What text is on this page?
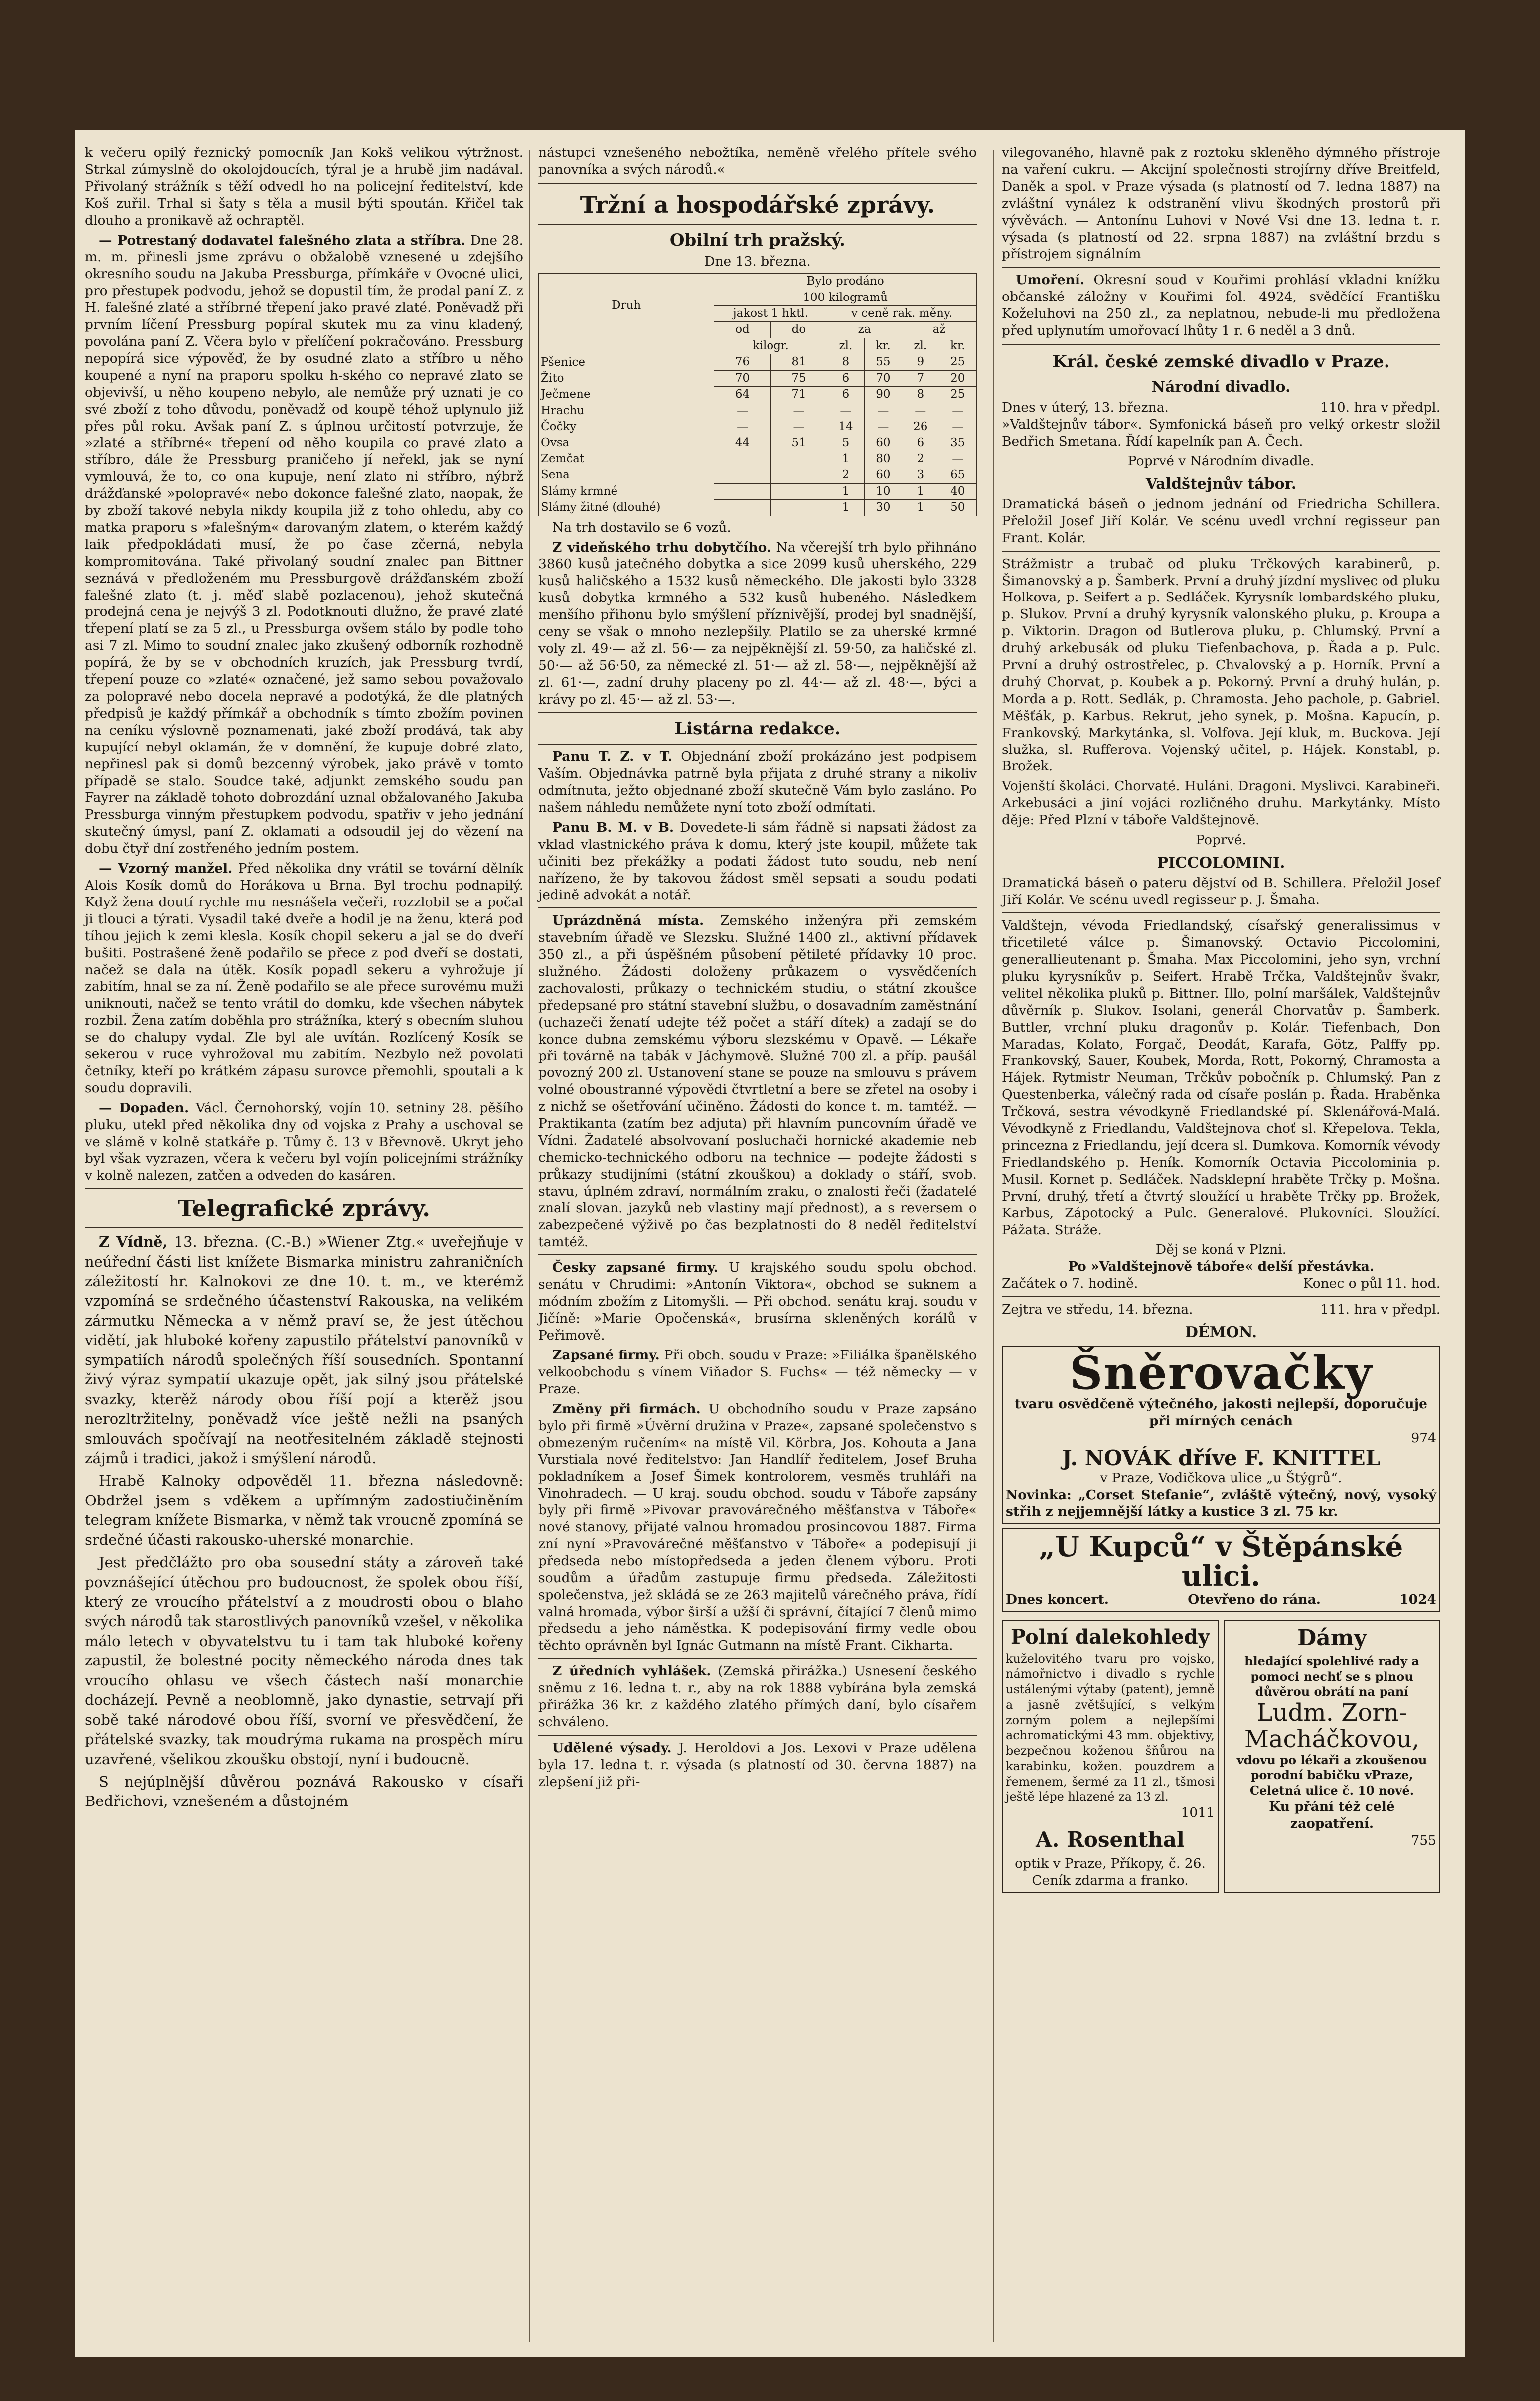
k večeru opilý řeznický pomocník Jan Kokš velikou výtržnost. Strkal zúmyslně do okolojdoucích, týral je a hrubě jim nadával. Přivolaný strážník s těží odvedl ho na policejní ředitelství, kde Koš zuřil. Trhal si šaty s těla a musil býti spoután. Křičel tak dlouho a pronikavě až ochraptěl.

— Potrestaný dodavatel falešného zlata a stříbra. Dne 28. m. m. přinesli jsme zprávu o obžalobě vznesené u zdejšího okresního soudu na Jakuba Pressburga, přímkáře v Ovocné ulici, pro přestupek podvodu, jehož se dopustil tím, že prodal paní Z. z H. falešné zlaté a stříbrné třepení jako pravé zlaté. Poněvadž při prvním líčení Pressburg popíral skutek mu za vinu kladený, povolána paní Z. Včera bylo v přelíčení pokračováno. Pressburg nepopírá sice výpověď, že by osudné zlato a stříbro u něho koupené a nyní na praporu spolku h-ského co nepravé zlato se objevivší, u něho koupeno nebylo, ale nemůže prý uznati je co své zboží z toho důvodu, poněvadž od koupě téhož uplynulo již přes půl roku. Avšak paní Z. s úplnou určitostí potvrzuje, že »zlaté a stříbrné« třepení od něho koupila co pravé zlato a stříbro, dále že Pressburg praničeho jí neřekl, jak se nyní vymlouvá, že to, co ona kupuje, není zlato ni stříbro, nýbrž drážďanské »polopravé« nebo dokonce falešné zlato, naopak, že by zboží takové nebyla nikdy koupila již z toho ohledu, aby co matka praporu s »falešným« darovaným zlatem, o kterém každý laik předpokládati musí, že po čase zčerná, nebyla kompromitována. Také přivolaný soudní znalec pan Bittner seznává v předloženém mu Pressburgově drážďanském zboží falešné zlato (t. j. měď slabě pozlacenou), jehož skutečná prodejná cena je nejvýš 3 zl. Podotknouti dlužno, že pravé zlaté třepení platí se za 5 zl., u Pressburga ovšem stálo by podle toho asi 7 zl. Mimo to soudní znalec jako zkušený odborník rozhodně popírá, že by se v obchodních kruzích, jak Pressburg tvrdí, třepení pouze co »zlaté« označené, jež samo sebou považovalo za polopravé nebo docela nepravé a podotýká, že dle platných předpisů je každý přímkář a obchodník s tímto zbožím povinen na ceníku výslovně poznamenati, jaké zboží prodává, tak aby kupující nebyl oklamán, že v domnění, že kupuje dobré zlato, nepřinesl pak si domů bezcenný výrobek, jako právě v tomto případě se stalo. Soudce také, adjunkt zemského soudu pan Fayrer na základě tohoto dobrozdání uznal obžalovaného Jakuba Pressburga vinným přestupkem podvodu, spatřiv v jeho jednání skutečný úmysl, paní Z. oklamati a odsoudil jej do vězení na dobu čtyř dní zostřeného jedním postem.

— Vzorný manžel. Před několika dny vrátil se tovární dělník Alois Kosík domů do Horákova u Brna. Byl trochu podnapilý. Když žena doutí rychle mu nesnášela večeři, rozzlobil se a počal ji tlouci a týrati. Vysadil také dveře a hodil je na ženu, která pod tíhou jejich k zemi klesla. Kosík chopil sekeru a jal se do dveří bušiti. Postrašené ženě podařilo se přece z pod dveří se dostati, načež se dala na útěk. Kosík popadl sekeru a vyhrožuje jí zabitím, hnal se za ní. Ženě podařilo se ale přece surovému muži uniknouti, načež se tento vrátil do domku, kde všechen nábytek rozbil. Žena zatím doběhla pro strážníka, který s obecním sluhou se do chalupy vydal. Zle byl ale uvítán. Rozlícený Kosík se sekerou v ruce vyhrožoval mu zabitím. Nezbylo než povolati četníky, kteří po krátkém zápasu surovce přemohli, spoutali a k soudu dopravili.

— Dopaden. Václ. Černohorský, vojín 10. setniny 28. pěšího pluku, utekl před několika dny od vojska z Prahy a uschoval se ve slámě v kolně statkáře p. Tůmy č. 13 v Břevnově. Ukryt jeho byl však vyzrazen, včera k večeru byl vojín policejními strážníky v kolně nalezen, zatčen a odveden do kasáren.

Telegrafické zprávy.

Z Vídně, 13. března. (C.-B.) »Wiener Ztg.« uveřejňuje v neúřední části list knížete Bismarka ministru zahraničních záležitostí hr. Kalnokovi ze dne 10. t. m., ve kterémž vzpomíná se srdečného účastenství Rakouska, na velikém zármutku Německa a v němž praví se, že jest útěchou vidětí, jak hluboké kořeny zapustilo přátelství panovníků v sympatiích národů společných říší sousedních. Spontanní živý výraz sympatií ukazuje opět, jak silný jsou přátelské svazky, kterěž národy obou říší pojí a kterěž jsou nerozltržitelny, poněvadž více ještě nežli na psaných smlouvách spočívají na neotřesitelném základě stejnosti zájmů i tradici, jakož i smýšlení národů.

Hrabě Kalnoky odpověděl 11. března následovně: Obdržel jsem s vděkem a upřímným zadostiučiněním telegram knížete Bismarka, v němž tak vroucně zpomíná se srdečné účasti rakousko-uherské monarchie.

Jest předčlážto pro oba sousední státy a zároveň také povznášející útěchou pro budoucnost, že spolek obou říší, který ze vroucího přátelství a z moudrosti obou o blaho svých národů tak starostlivých panovníků vzešel, v několika málo letech v obyvatelstvu tu i tam tak hluboké kořeny zapustil, že bolestné pocity německého národa dnes tak vroucího ohlasu ve všech částech naší monarchie docházejí. Pevně a neoblomně, jako dynastie, setrvají při sobě také národové obou říší, svorní ve přesvědčení, že přátelské svazky, tak moudrýma rukama na prospěch míru uzavřené, všelikou zkoušku obstojí, nyní i budoucně.

S nejúplnější důvěrou poznává Rakousko v císaři Bedřichovi, vznešeném a důstojném

nástupci vznešeného nebožtíka, neměně vřelého přítele svého panovníka a svých národů.«

Tržní a hospodářské zprávy.
Obilní trh pražský.
Dne 13. března.
Druh	Bylo prodáno					
	100 kilogramů					
	jakost 1 hktl.		v ceně rak. měny.			
	od	do	za		až	
	kilogr.		zl.	kr.	zl.	kr.
Pšenice	76	81	8	55	9	25
Žito	70	75	6	70	7	20
Ječmene	64	71	6	90	8	25
Hrachu	—	—	—	—	—	—
Čočky	—	—	14	—	26	—
Ovsa	44	51	5	60	6	35
Zemčat			1	80	2	—
Sena			2	60	3	65
Slámy krmné			1	10	1	40
Slámy žitné (dlouhé)			1	30	1	50

Na trh dostavilo se 6 vozů.

Z videňského trhu dobytčího. Na včerejší trh bylo přihnáno 3860 kusů jatečného dobytka a sice 2099 kusů uherského, 229 kusů haličského a 1532 kusů německého. Dle jakosti bylo 3328 kusů dobytka krmného a 532 kusů hubeného. Následkem menšího přihonu bylo smýšlení příznivější, prodej byl snadnější, ceny se však o mnoho nezlepšily. Platilo se za uherské krmné voly zl. 49·— až zl. 56·— za nejpěknější zl. 59·50, za haličské zl. 50·— až 56·50, za německé zl. 51·— až zl. 58·—, nejpěknější až zl. 61·—, zadní druhy placeny po zl. 44·— až zl. 48·—, býci a krávy po zl. 45·— až zl. 53·—.

Listárna redakce.

Panu T. Z. v T. Objednání zboží prokázáno jest podpisem Vaším. Objednávka patrně byla přijata z druhé strany a nikoliv odmítnuta, ježto objednané zboží skutečně Vám bylo zasláno. Po našem náhledu nemůžete nyní toto zboží odmítati.

Panu B. M. v B. Dovedete-li sám řádně si napsati žádost za vklad vlastnického práva k domu, který jste koupil, můžete tak učiniti bez překážky a podati žádost tuto soudu, neb není nařízeno, že by takovou žádost směl sepsati a soudu podati jedině advokát a notář.

Uprázdněná místa. Zemského inženýra při zemském stavebním úřadě ve Slezsku. Služné 1400 zl., aktivní přídavek 350 zl., a při úspěšném působení pětileté přídavky 10 proc. služného. Žádosti doloženy průkazem o vysvědčeních zachovalosti, průkazy o technickém studiu, o státní zkoušce předepsané pro státní stavební službu, o dosavadním zaměstnání (uchazeči ženatí udejte též počet a stáří dítek) a zadají se do konce dubna zemskému výboru slezskému v Opavě. — Lékaře při továrně na tabák v Jáchymově. Služné 700 zl. a příp. paušál povozný 200 zl. Ustanovení stane se pouze na smlouvu s právem volné oboustranné výpovědi čtvrtletní a bere se zřetel na osoby i z nichž se ošetřování učiněno. Žádosti do konce t. m. tamtéž. — Praktikanta (zatím bez adjuta) při hlavním puncovním úřadě ve Vídni. Žadatelé absolvovaní posluchači hornické akademie neb chemicko-technického odboru na technice — podejte žádosti s průkazy studijními (státní zkouškou) a doklady o stáří, svob. stavu, úplném zdraví, normálním zraku, o znalosti řeči (žadatelé znalí slovan. jazyků neb vlastiny mají přednost), a s reversem o zabezpečené výživě po čas bezplatnosti do 8 neděl ředitelství tamtéž.

Česky zapsané firmy. U krajského soudu spolu obchod. senátu v Chrudimi: »Antonín Viktora«, obchod se suknem a módním zbožím z Litomyšli. — Při obchod. senátu kraj. soudu v Jičíně: »Marie Opočenská«, brusírna skleněných korálů v Peřimově.

Zapsané firmy. Při obch. soudu v Praze: »Filiálka španělského velkoobchodu s vínem Viňador S. Fuchs« — též německy — v Praze.

Změny při firmách. U obchodního soudu v Praze zapsáno bylo při firmě »Úvěrní družina v Praze«, zapsané společenstvo s obmezeným ručením« na místě Vil. Körbra, Jos. Kohouta a Jana Vurstiala nové ředitelstvo: Jan Handlíř ředitelem, Josef Bruha pokladníkem a Josef Šimek kontrolorem, vesměs truhláři na Vinohradech. — U kraj. soudu obchod. soudu v Táboře zapsány byly při firmě »Pivovar pravovárečného měšťanstva v Táboře« nové stanovy, přijaté valnou hromadou prosincovou 1887. Firma zní nyní »Pravovárečné měšťanstvo v Táboře« a podepisují ji předseda nebo místopředseda a jeden členem výboru. Proti soudům a úřadům zastupuje firmu předseda. Záležitosti společenstva, jež skládá se ze 263 majitelů várečného práva, řídí valná hromada, výbor širší a užší či správní, čítající 7 členů mimo předsedu a jeho náměstka. K podepisování firmy vedle obou těchto oprávněn byl Ignác Gutmann na místě Frant. Cikharta.

Z úředních vyhlášek. (Zemská přirážka.) Usnesení českého sněmu z 16. ledna t. r., aby na rok 1888 vybírána byla zemská přirážka 36 kr. z každého zlatého přímých daní, bylo císařem schváleno.

Udělené výsady. J. Heroldovi a Jos. Lexovi v Praze udělena byla 17. ledna t. r. výsada (s platností od 30. června 1887) na zlepšení již při-

vilegovaného, hlavně pak z roztoku skleněho dýmného přístroje na vaření cukru. — Akcijní společnosti strojírny dříve Breitfeld, Daněk a spol. v Praze výsada (s platností od 7. ledna 1887) na zvláštní vynález k odstranění vlivu škodných prostorů při vývěvách. — Antonínu Luhovi v Nové Vsi dne 13. ledna t. r. výsada (s platností od 22. srpna 1887) na zvláštní brzdu s přístrojem signálním

Umoření. Okresní soud v Kouřimi prohlásí vkladní knížku občanské záložny v Kouřimi fol. 4924, svědčící Františku Koželuhovi na 250 zl., za neplatnou, nebude-li mu předložena před uplynutím umořovací lhůty 1 r. 6 neděl a 3 dnů.

Král. české zemské divadlo v Praze.
Národní divadlo.
Dnes v úterý, 13. března.	110. hra v předpl.

»Valdštejnův tábor«. Symfonická báseň pro velký orkestr složil Bedřich Smetana. Řídí kapelník pan A. Čech.

Poprvé v Národním divadle.
Valdštejnův tábor.

Dramatická báseň o jednom jednání od Friedricha Schillera. Přeložil Josef Jiří Kolár. Ve scénu uvedl vrchní regisseur pan Frant. Kolár.

Strážmistr a trubač od pluku Trčkových karabinerů, p. Šimanovský a p. Šamberk. První a druhý jízdní myslivec od pluku Holkova, p. Seifert a p. Sedláček. Kyrysník lombardského pluku, p. Slukov. První a druhý kyrysník valonského pluku, p. Kroupa a p. Viktorin. Dragon od Butlerova pluku, p. Chlumský. První a druhý arkebusák od pluku Tiefenbachova, p. Řada a p. Pulc. První a druhý ostrostřelec, p. Chvalovský a p. Horník. První a druhý Chorvat, p. Koubek a p. Pokorný. První a druhý hulán, p. Morda a p. Rott. Sedlák, p. Chramosta. Jeho pachole, p. Gabriel. Měšťák, p. Karbus. Rekrut, jeho synek, p. Mošna. Kapucín, p. Frankovský. Markytánka, sl. Volfova. Její kluk, m. Buckova. Její služka, sl. Rufferova. Vojenský učitel, p. Hájek. Konstabl, p. Brožek.

Vojenští školáci. Chorvaté. Huláni. Dragoni. Myslivci. Karabineři. Arkebusáci a jiní vojáci rozličného druhu. Markytánky. Místo děje: Před Plzní v táboře Valdštejnově.

Poprvé.
PICCOLOMINI.

Dramatická báseň o pateru dějství od B. Schillera. Přeložil Josef Jiří Kolár. Ve scénu uvedl regisseur p. J. Šmaha.

Valdštejn, vévoda Friedlandský, císařský generalissimus v třicetileté válce p. Šimanovský. Octavio Piccolomini, generallieutenant p. Šmaha. Max Piccolomini, jeho syn, vrchní pluku kyrysníkův p. Seifert. Hrabě Trčka, Valdštejnův švakr, velitel několika pluků p. Bittner. Illo, polní maršálek, Valdštejnův důvěrník p. Slukov. Isolani, generál Chorvatův p. Šamberk. Buttler, vrchní pluku dragonův p. Kolár. Tiefenbach, Don Maradas, Kolato, Forgač, Deodát, Karafa, Götz, Palffy pp. Frankovský, Sauer, Koubek, Morda, Rott, Pokorný, Chramosta a Hájek. Rytmistr Neuman, Trčkův pobočník p. Chlumský. Pan z Questenberka, válečný rada od císaře poslán p. Řada. Hraběnka Trčková, sestra vévodkyně Friedlandské pí. Sklenářová-Malá. Vévodkyně z Friedlandu, Valdštejnova choť sl. Křepelova. Tekla, princezna z Friedlandu, její dcera sl. Dumkova. Komorník vévody Friedlandského p. Heník. Komorník Octavia Piccolominia p. Musil. Kornet p. Sedláček. Nadsklepní hraběte Trčky p. Mošna. První, druhý, třetí a čtvrtý sloužící u hraběte Trčky pp. Brožek, Karbus, Zápotocký a Pulc. Generalové. Plukovníci. Sloužící. Pážata. Stráže.

Děj se koná v Plzni.
Po »Valdštejnově táboře« delší přestávka.
Začátek o 7. hodině.	Konec o půl 11. hod.
Zejtra ve středu, 14. března.	111. hra v předpl.
DÉMON.
Šněrovačky
tvaru osvědčeně výtečného, jakosti nejlepší, doporučuje při mírných cenách
974
J. NOVÁK dříve F. KNITTEL
v Praze, Vodičkova ulice „u Štýgrů“.
Novinka: „Corset Stefanie“, zvláště výtečný, nový, vysoký střih z nejjemnější látky a kustice 3 zl. 75 kr.
„U Kupců“ v Štěpánské ulici.
Dnes koncert.	Otevřeno do rána.	1024
Polní dalekohledy
kuželovitého tvaru pro vojsko, námořnictvo i divadlo s rychle ustálenými výtaby (patent), jemně a jasně zvětšující, s velkým zorným polem a nejlepšími achromatickými 43 mm. objektivy, bezpečnou koženou šňůrou na karabinku, kožen. pouzdrem a řemenem, šermé za 11 zl., tšmosi ještě lépe hlazené za 13 zl.
1011
A. Rosenthal
optik v Praze, Příkopy, č. 26. Ceník zdarma a franko.
Dámy
hledající spolehlivé rady a pomoci nechť se s plnou důvěrou obrátí na paní
Ludm. Zorn-Macháčkovou,
vdovu po lékaři a zkoušenou porodní babičku vPraze, Celetná ulice č. 10 nové.
Ku přání též celé zaopatření.
755
